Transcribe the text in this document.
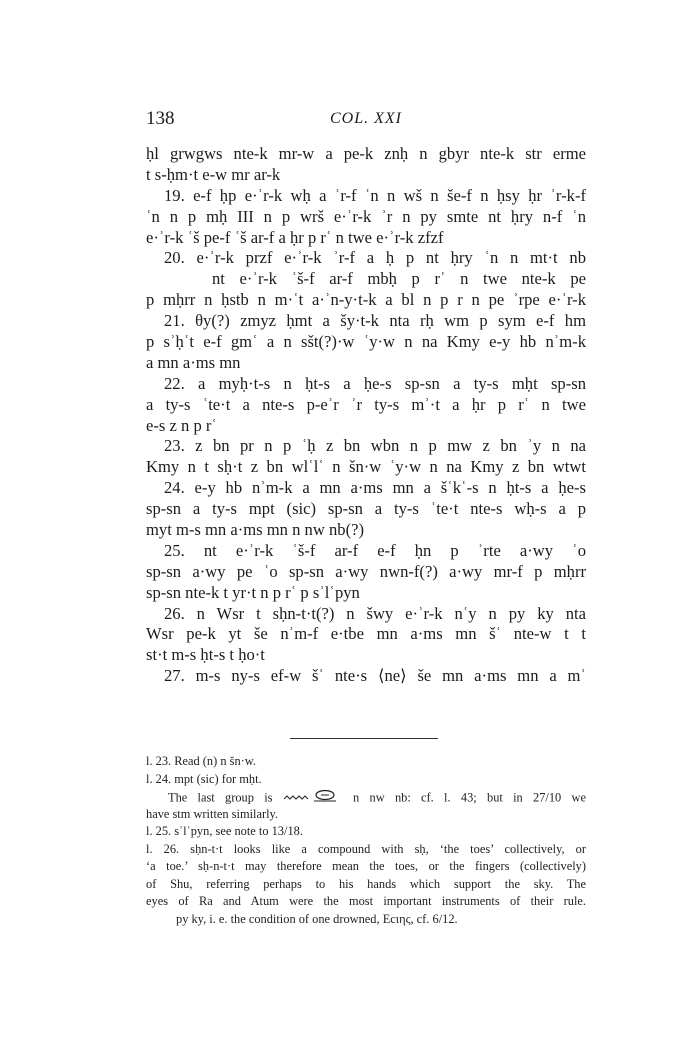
138	COL. XXI
ḥl grwgws nte-k mr-w a pe-k znḥ n gbyr nte-k str erme
t s-ḥm·t e-w mr ar-k
19. e-f ḥp e·ʾr-k wḥ a ʾr-f ʿn n wš n še-f n ḥsy ḥr ʾr-k-f
ʿn n p mḥ III n p wrš e·ʾr-k ʾr n py smte nt ḥry n-f ʿn
e·ʾr-k ʿš pe-f ʿš ar-f a ḥr p rʿ n twe e·ʾr-k zfzf
20. e·ʾr-k przf e·ʾr-k ʾr-f a ḥ p nt ḥry ʿn n mt·t nb
nt e·ʾr-k ʿš-f ar-f mbḥ p rʿ n twe nte-k pe
p mḥrr n ḥstb n m·ʿt a·ʾn-y·t-k a bl n p r n pe ʾrpe e·ʾr-k
21. θy(?) zmyz ḥmt a šy·t-k nta rḥ wm p sym e-f hm
p sʾḥʿt e-f gmʿ a n sšt(?)·w ʿy·w n na Kmy e-y hb nʾm-k
a mn a·ms mn
22. a myḥ·t-s n ḥt-s a ḥe-s sp-sn a ty-s mḥt sp-sn
a ty-s ʿte·t a nte-s p-eʾr ʾr ty-s mʾ·t a ḥr p rʿ n twe
e-s z n p rʿ
23. z bn pr n p ʿḥ z bn wbn n p mw z bn ʾy n na
Kmy n t sḥ·t z bn wlʿlʿ n šn·w ʿy·w n na Kmy z bn wtwt
24. e-y hb nʾm-k a mn a·ms mn a šʿkʿ-s n ḥt-s a ḥe-s
sp-sn a ty-s mpt (sic) sp-sn a ty-s ʿte·t nte-s wḥ-s a p
myt m-s mn a·ms mn n nw nb(?)
25. nt e·ʾr-k ʿš-f ar-f e-f ḥn p ʾrte a·wy ʿo
sp-sn a·wy pe ʿo sp-sn a·wy nwn-f(?) a·wy mr-f p mḥrr
sp-sn nte-k t yr·t n p rʿ p sʾlʿpyn
26. n Wsr t sḥn-t·t(?) n šwy e·ʾr-k nʿy n py ky nta
Wsr pe-k yt še nʾm-f e·tbe mn a·ms mn šʿ nte-w t t
st·t m-s ḥt-s t ḥo·t
27. m-s ny-s ef-w šʿ nte·s ⟨ne⟩ še mn a·ms mn a mʿ
l. 23. Read (n) n šn·w.
l. 24. mpt (sic) for mḥt.
The last group is	n nw nb: cf. l. 43; but in 27/10 we
have stm written similarly.
l. 25. sʾlʿpyn, see note to 13/18.
l. 26. sḥn-t·t looks like a compound with sḥ, ‘the toes’ collectively, or
‘a toe.’ sḥ-n-t·t may therefore mean the toes, or the fingers (collectively)
of Shu, referring perhaps to his hands which support the sky. The
eyes of Ra and Atum were the most important instruments of their rule.
py ky, i. e. the condition of one drowned, Ecιης, cf. 6/12.
